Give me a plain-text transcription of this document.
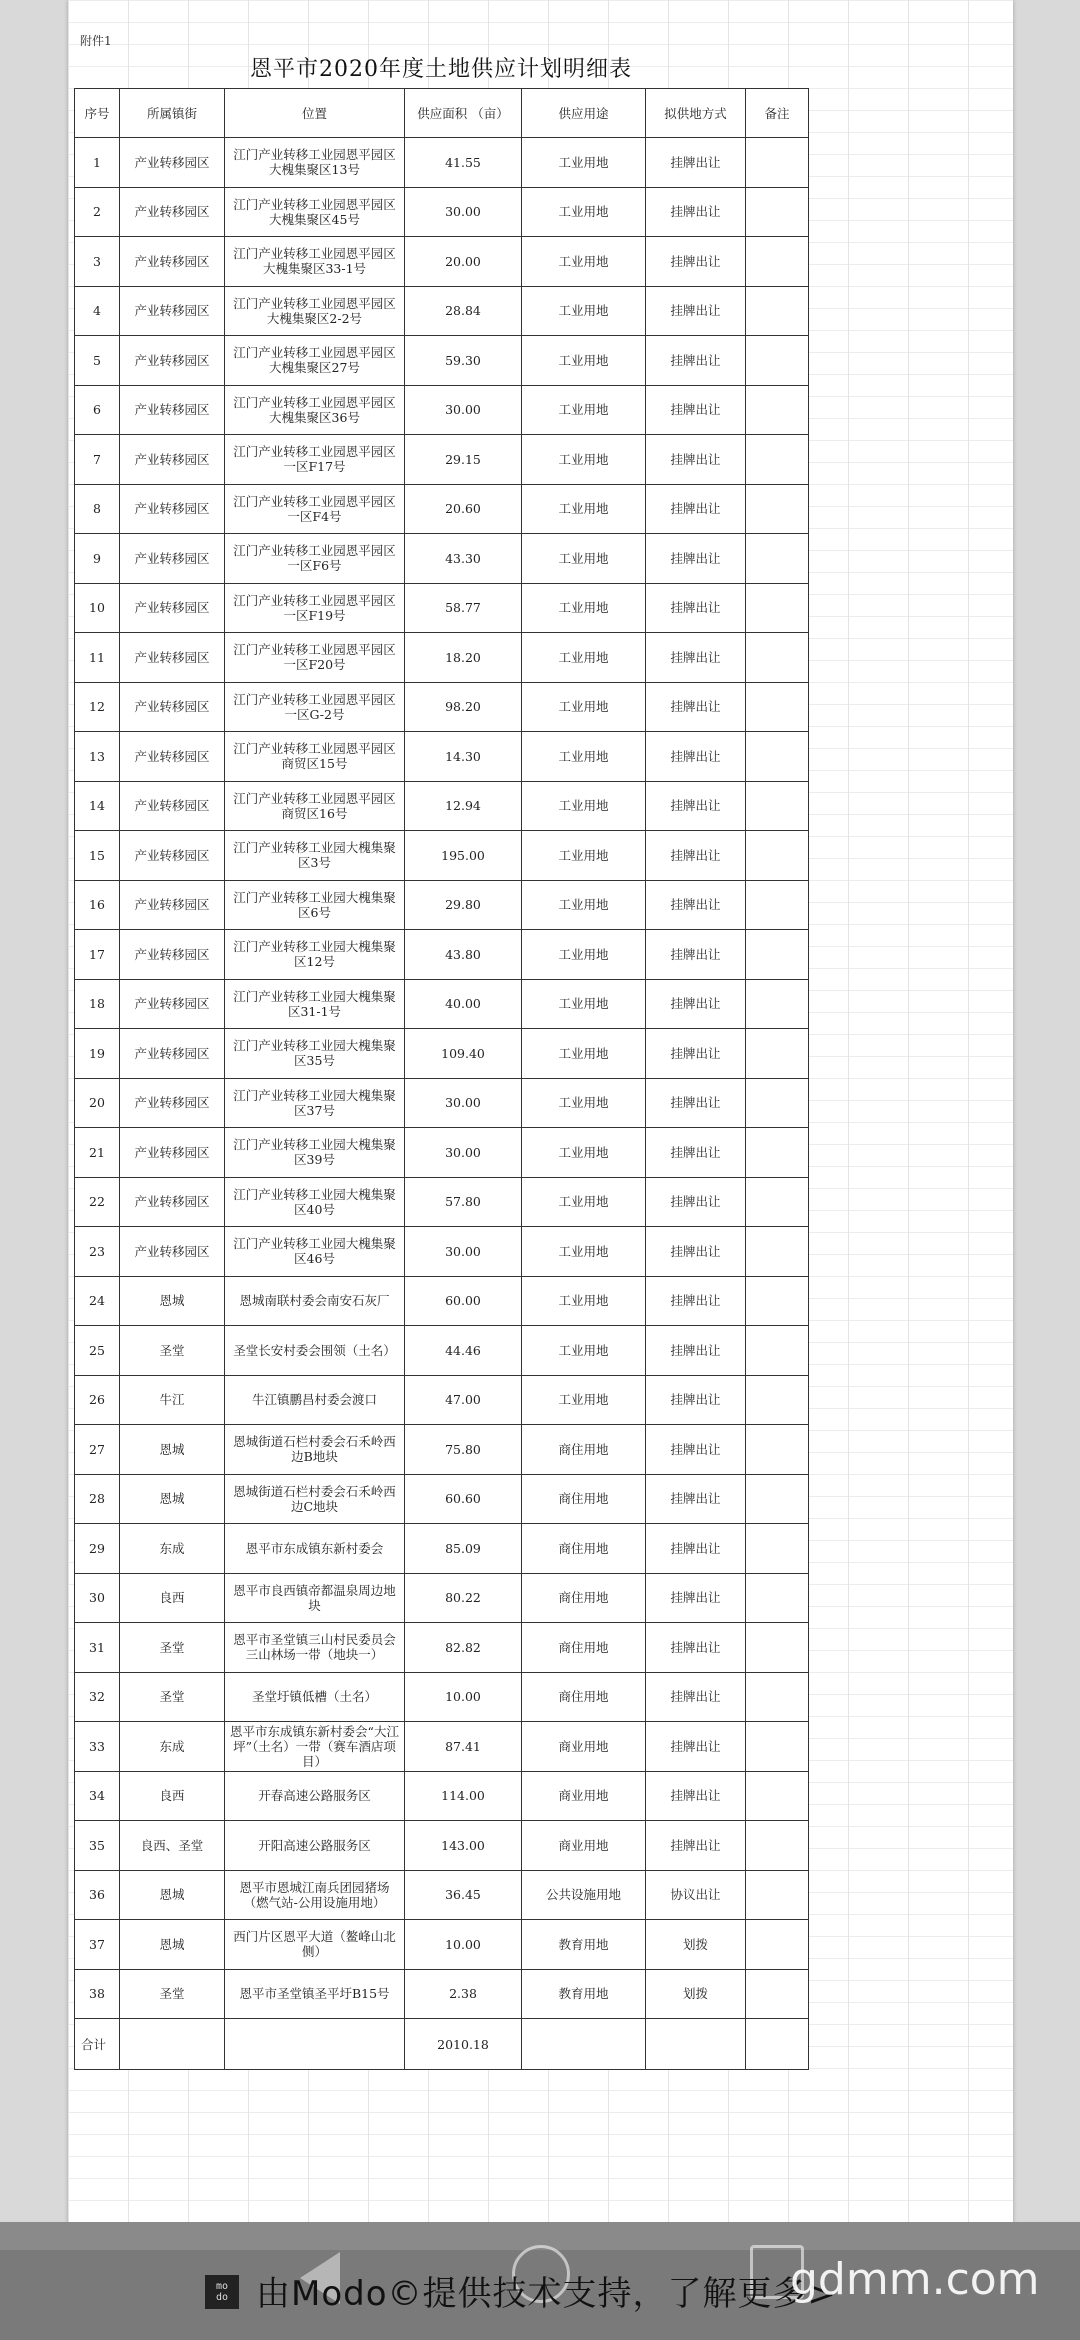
附件1
恩平市2020年度土地供应计划明细表
序号	所属镇街	位置	供应面积 （亩）	供应用途	拟供地方式	备注
1	产业转移园区	江门产业转移工业园恩平园区大槐集聚区13号	41.55	工业用地	挂牌出让	
2	产业转移园区	江门产业转移工业园恩平园区大槐集聚区45号	30.00	工业用地	挂牌出让	
3	产业转移园区	江门产业转移工业园恩平园区大槐集聚区33-1号	20.00	工业用地	挂牌出让	
4	产业转移园区	江门产业转移工业园恩平园区大槐集聚区2-2号	28.84	工业用地	挂牌出让	
5	产业转移园区	江门产业转移工业园恩平园区大槐集聚区27号	59.30	工业用地	挂牌出让	
6	产业转移园区	江门产业转移工业园恩平园区大槐集聚区36号	30.00	工业用地	挂牌出让	
7	产业转移园区	江门产业转移工业园恩平园区一区F17号	29.15	工业用地	挂牌出让	
8	产业转移园区	江门产业转移工业园恩平园区一区F4号	20.60	工业用地	挂牌出让	
9	产业转移园区	江门产业转移工业园恩平园区一区F6号	43.30	工业用地	挂牌出让	
10	产业转移园区	江门产业转移工业园恩平园区一区F19号	58.77	工业用地	挂牌出让	
11	产业转移园区	江门产业转移工业园恩平园区一区F20号	18.20	工业用地	挂牌出让	
12	产业转移园区	江门产业转移工业园恩平园区一区G-2号	98.20	工业用地	挂牌出让	
13	产业转移园区	江门产业转移工业园恩平园区商贸区15号	14.30	工业用地	挂牌出让	
14	产业转移园区	江门产业转移工业园恩平园区商贸区16号	12.94	工业用地	挂牌出让	
15	产业转移园区	江门产业转移工业园大槐集聚区3号	195.00	工业用地	挂牌出让	
16	产业转移园区	江门产业转移工业园大槐集聚区6号	29.80	工业用地	挂牌出让	
17	产业转移园区	江门产业转移工业园大槐集聚区12号	43.80	工业用地	挂牌出让	
18	产业转移园区	江门产业转移工业园大槐集聚区31-1号	40.00	工业用地	挂牌出让	
19	产业转移园区	江门产业转移工业园大槐集聚区35号	109.40	工业用地	挂牌出让	
20	产业转移园区	江门产业转移工业园大槐集聚区37号	30.00	工业用地	挂牌出让	
21	产业转移园区	江门产业转移工业园大槐集聚区39号	30.00	工业用地	挂牌出让	
22	产业转移园区	江门产业转移工业园大槐集聚区40号	57.80	工业用地	挂牌出让	
23	产业转移园区	江门产业转移工业园大槐集聚区46号	30.00	工业用地	挂牌出让	
24	恩城	恩城南联村委会南安石灰厂	60.00	工业用地	挂牌出让	
25	圣堂	圣堂长安村委会围领（土名）	44.46	工业用地	挂牌出让	
26	牛江	牛江镇鹏昌村委会渡口	47.00	工业用地	挂牌出让	
27	恩城	恩城街道石栏村委会石禾岭西边B地块	75.80	商住用地	挂牌出让	
28	恩城	恩城街道石栏村委会石禾岭西边C地块	60.60	商住用地	挂牌出让	
29	东成	恩平市东成镇东新村委会	85.09	商住用地	挂牌出让	
30	良西	恩平市良西镇帝都温泉周边地块	80.22	商住用地	挂牌出让	
31	圣堂	恩平市圣堂镇三山村民委员会三山林场一带（地块一）	82.82	商住用地	挂牌出让	
32	圣堂	圣堂圩镇低槽（土名）	10.00	商住用地	挂牌出让	
33	东成	恩平市东成镇东新村委会“大江坪”（土名）一带（赛车酒店项目）	87.41	商业用地	挂牌出让	
34	良西	开春高速公路服务区	114.00	商业用地	挂牌出让	
35	良西、圣堂	开阳高速公路服务区	143.00	商业用地	挂牌出让	
36	恩城	恩平市恩城江南兵团园猪场（燃气站-公用设施用地）	36.45	公共设施用地	协议出让	
37	恩城	西门片区恩平大道（鳌峰山北侧）	10.00	教育用地	划拨	
38	圣堂	恩平市圣堂镇圣平圩B15号	2.38	教育用地	划拨	
合计			2010.18			
mo
do 由Modo©提供技术支持，了解更多>
gdmm.com
